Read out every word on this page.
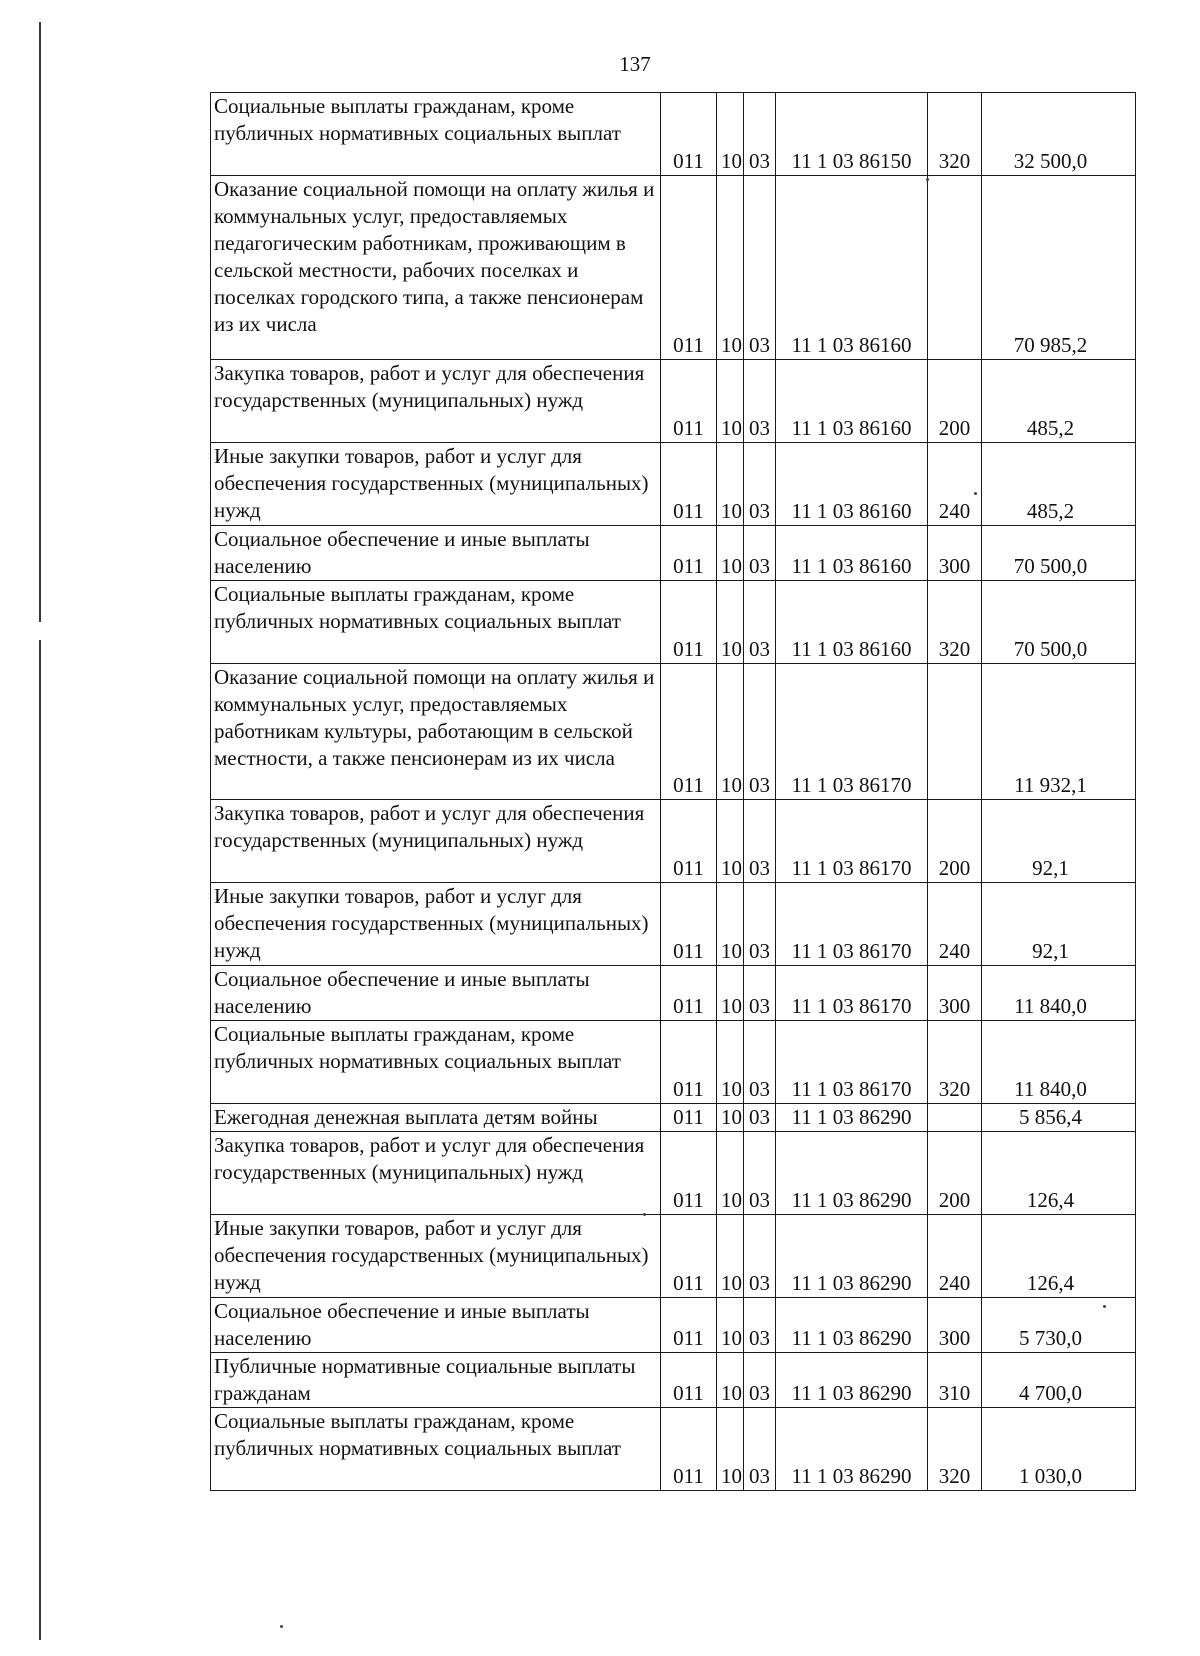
137
Социальные выплаты гражданам, кроме публичных нормативных социальных выплат	011	10	03	11 1 03 86150	320	32 500,0
Оказание социальной помощи на оплату жилья и коммунальных услуг, предоставляемых педагогическим работникам, проживающим в сельской местности, рабочих поселках и поселках городского типа, а также пенсионерам из их числа	011	10	03	11 1 03 86160		70 985,2
Закупка товаров, работ и услуг для обеспечения государственных (муниципальных) нужд	011	10	03	11 1 03 86160	200	485,2
Иные закупки товаров, работ и услуг для обеспечения государственных (муниципальных) нужд	011	10	03	11 1 03 86160	240	485,2
Социальное обеспечение и иные выплаты населению	011	10	03	11 1 03 86160	300	70 500,0
Социальные выплаты гражданам, кроме публичных нормативных социальных выплат	011	10	03	11 1 03 86160	320	70 500,0
Оказание социальной помощи на оплату жилья и коммунальных услуг, предоставляемых работникам культуры, работающим в сельской местности, а также пенсионерам из их числа	011	10	03	11 1 03 86170		11 932,1
Закупка товаров, работ и услуг для обеспечения государственных (муниципальных) нужд	011	10	03	11 1 03 86170	200	92,1
Иные закупки товаров, работ и услуг для обеспечения государственных (муниципальных) нужд	011	10	03	11 1 03 86170	240	92,1
Социальное обеспечение и иные выплаты населению	011	10	03	11 1 03 86170	300	11 840,0
Социальные выплаты гражданам, кроме публичных нормативных социальных выплат	011	10	03	11 1 03 86170	320	11 840,0
Ежегодная денежная выплата детям войны	011	10	03	11 1 03 86290		5 856,4
Закупка товаров, работ и услуг для обеспечения государственных (муниципальных) нужд	011	10	03	11 1 03 86290	200	126,4
Иные закупки товаров, работ и услуг для обеспечения государственных (муниципальных) нужд	011	10	03	11 1 03 86290	240	126,4
Социальное обеспечение и иные выплаты населению	011	10	03	11 1 03 86290	300	5 730,0
Публичные нормативные социальные выплаты гражданам	011	10	03	11 1 03 86290	310	4 700,0
Социальные выплаты гражданам, кроме публичных нормативных социальных выплат	011	10	03	11 1 03 86290	320	1 030,0
